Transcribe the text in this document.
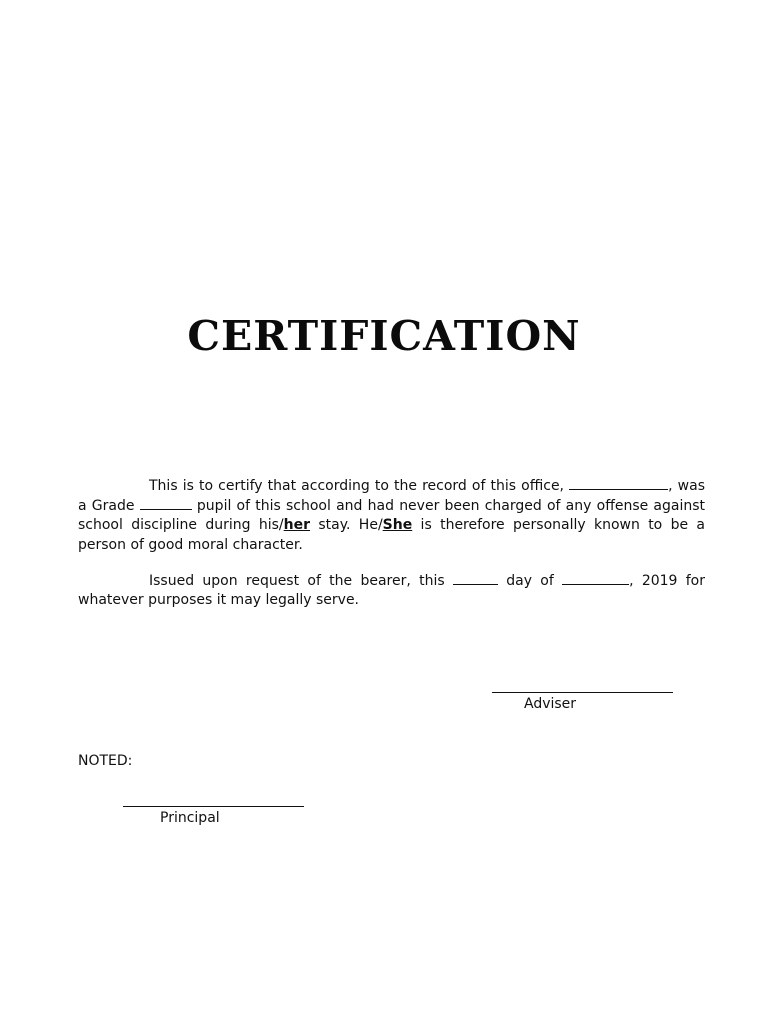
CERTIFICATION

This is to certify that according to the record of this office,	, was a Grade	pupil of this school and had never been charged of any offense against school discipline during his/her stay. He/She is therefore personally known to be a person of good moral character.

Issued upon request of the bearer, this	day of	, 2019 for whatever purposes it may legally serve.

Adviser

NOTED:

Principal
